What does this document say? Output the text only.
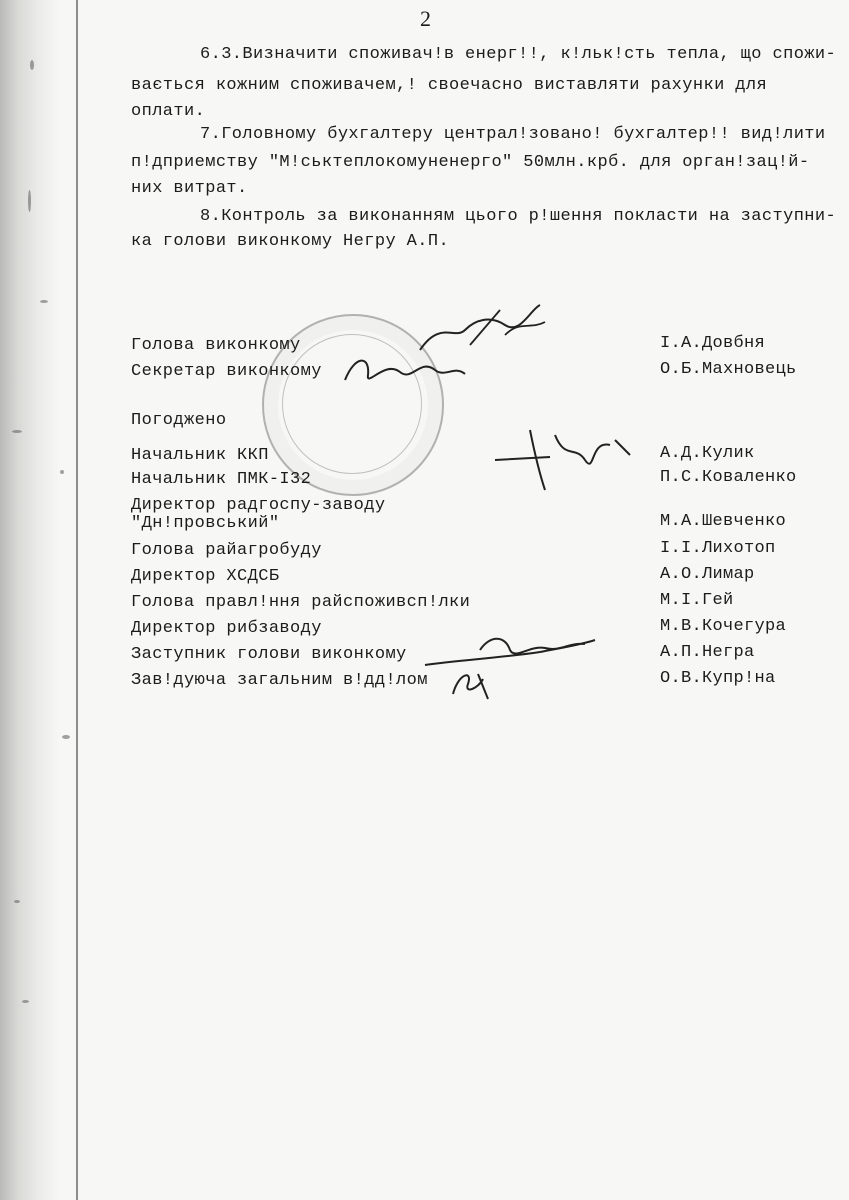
2
6.3.Визначити споживач!в енерг!!, к!льк!сть тепла, що спожи-
вається кожним споживачем,! своечасно виставляти рахунки для
оплати.
7.Головному бухгалтеру централ!зовано! бухгалтер!! вид!лити
п!дприемству "М!ськтеплокомуненерго" 50млн.крб. для орган!зац!й-
них витрат.
8.Контроль за виконанням цього р!шення покласти на заступни-
ка голови виконкому Негру А.П.
Голова виконкому	I.А.Довбня
Секретар виконкому	О.Б.Махновець
Погоджено
Начальник ККП	А.Д.Кулик
Начальник ПМК-I32	П.С.Коваленко
Директор радгоспу-заводу
"Дн!провський"	М.А.Шевченко
Голова райагробуду	I.I.Лихотоп
Директор ХСДСБ	А.О.Лимар
Голова правл!ння райспоживсп!лки	М.I.Гей
Директор рибзаводу	М.В.Кочегура
Заступник голови виконкому	А.П.Негра
Зав!дуюча загальним в!дд!лом	О.В.Купр!на
